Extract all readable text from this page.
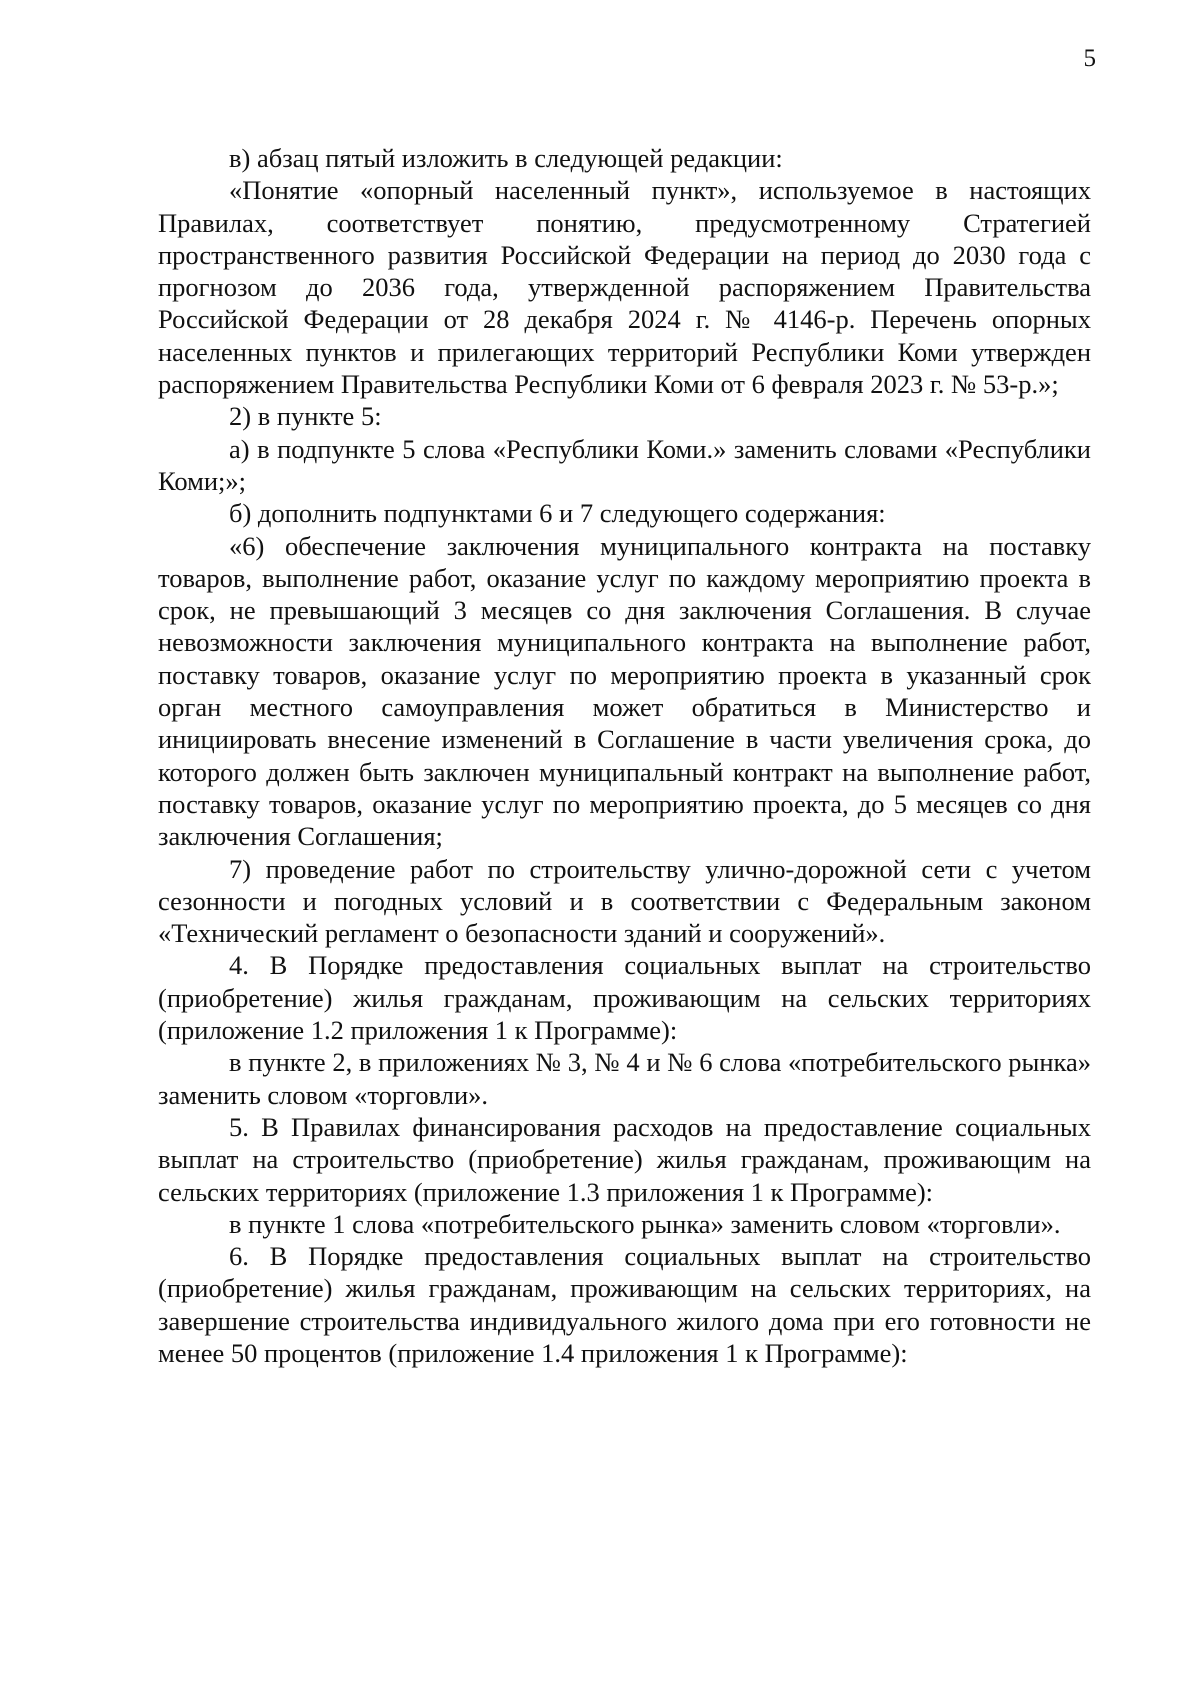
5

в) абзац пятый изложить в следующей редакции:

«Понятие «опорный населенный пункт», используемое в настоящих Правилах, соответствует понятию, предусмотренному Стратегией пространственного развития Российской Федерации на период до 2030 года с прогнозом до 2036 года, утвержденной распоряжением Правительства Российской Федерации от 28 декабря 2024 г. № 4146-р. Перечень опорных населенных пунктов и прилегающих территорий Республики Коми утвержден распоряжением Правительства Республики Коми от 6 февраля 2023 г. № 53-р.»;

2) в пункте 5:

а) в подпункте 5 слова «Республики Коми.» заменить словами «Республики Коми;»;

б) дополнить подпунктами 6 и 7 следующего содержания:

«6) обеспечение заключения муниципального контракта на поставку товаров, выполнение работ, оказание услуг по каждому мероприятию проекта в срок, не превышающий 3 месяцев со дня заключения Соглашения. В случае невозможности заключения муниципального контракта на выполнение работ, поставку товаров, оказание услуг по мероприятию проекта в указанный срок орган местного самоуправления может обратиться в Министерство и инициировать внесение изменений в Соглашение в части увеличения срока, до которого должен быть заключен муниципальный контракт на выполнение работ, поставку товаров, оказание услуг по мероприятию проекта, до 5 месяцев со дня заключения Соглашения;

7) проведение работ по строительству улично-дорожной сети с учетом сезонности и погодных условий и в соответствии с Федеральным законом «Технический регламент о безопасности зданий и сооружений».

4. В Порядке предоставления социальных выплат на строительство (приобретение) жилья гражданам, проживающим на сельских территориях (приложение 1.2 приложения 1 к Программе):

в пункте 2, в приложениях № 3, № 4 и № 6 слова «потребительского рынка» заменить словом «торговли».

5. В Правилах финансирования расходов на предоставление социальных выплат на строительство (приобретение) жилья гражданам, проживающим на сельских территориях (приложение 1.3 приложения 1 к Программе):

в пункте 1 слова «потребительского рынка» заменить словом «торговли».

6. В Порядке предоставления социальных выплат на строительство (приобретение) жилья гражданам, проживающим на сельских территориях, на завершение строительства индивидуального жилого дома при его готовности не менее 50 процентов (приложение 1.4 приложения 1 к Программе):
